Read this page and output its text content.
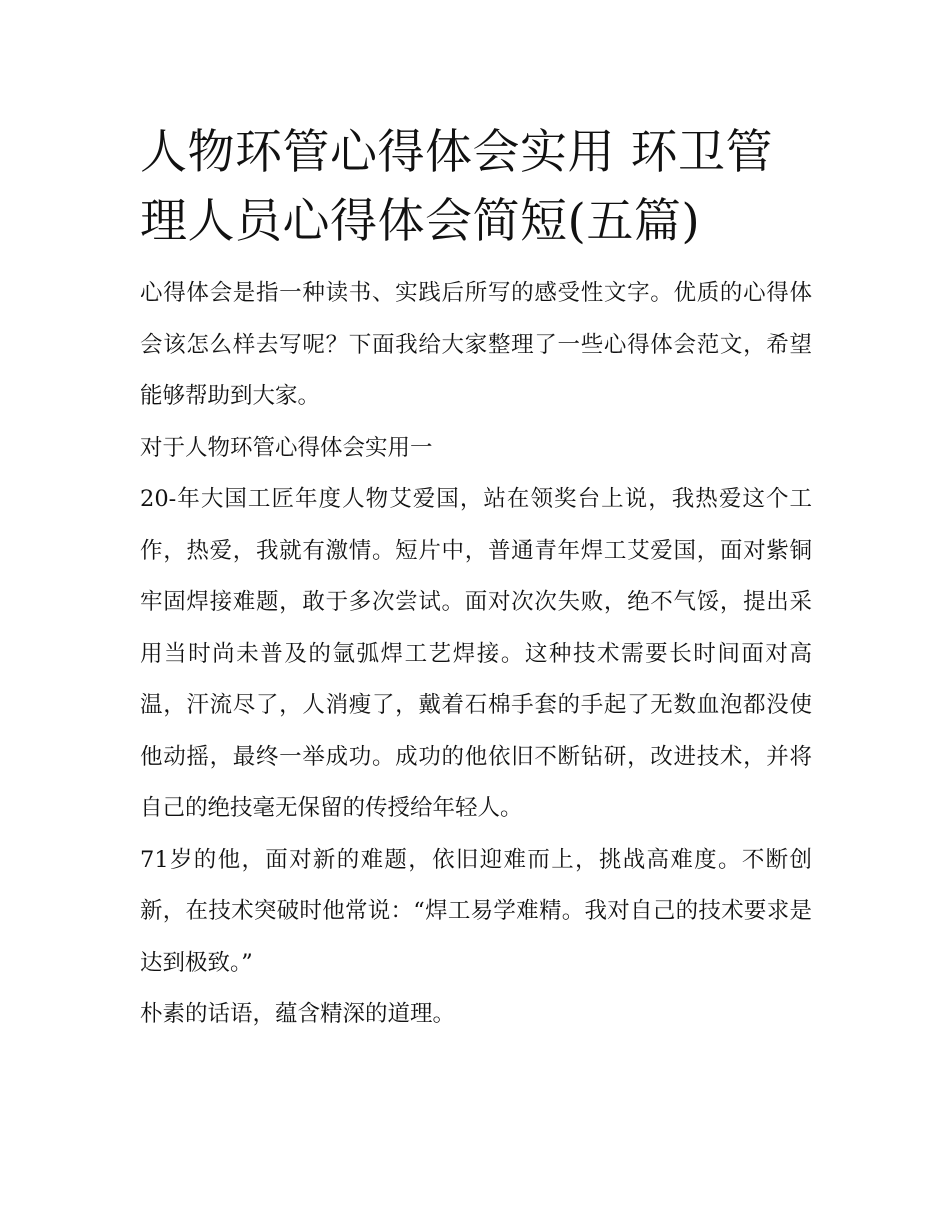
人物环管心得体会实用 环卫管理人员心得体会简短(五篇)

心得体会是指一种读书、实践后所写的感受性文字。优质的心得体会该怎么样去写呢？下面我给大家整理了一些心得体会范文，希望能够帮助到大家。

对于人物环管心得体会实用一

20-年大国工匠年度人物艾爱国，站在领奖台上说，我热爱这个工作，热爱，我就有激情。短片中，普通青年焊工艾爱国，面对紫铜牢固焊接难题，敢于多次尝试。面对次次失败，绝不气馁，提出采用当时尚未普及的氩弧焊工艺焊接。这种技术需要长时间面对高温，汗流尽了，人消瘦了，戴着石棉手套的手起了无数血泡都没使他动摇，最终一举成功。成功的他依旧不断钻研，改进技术，并将自己的绝技毫无保留的传授给年轻人。

71岁的他，面对新的难题，依旧迎难而上，挑战高难度。不断创新，在技术突破时他常说：“焊工易学难精。我对自己的技术要求是达到极致。”

朴素的话语，蕴含精深的道理。
